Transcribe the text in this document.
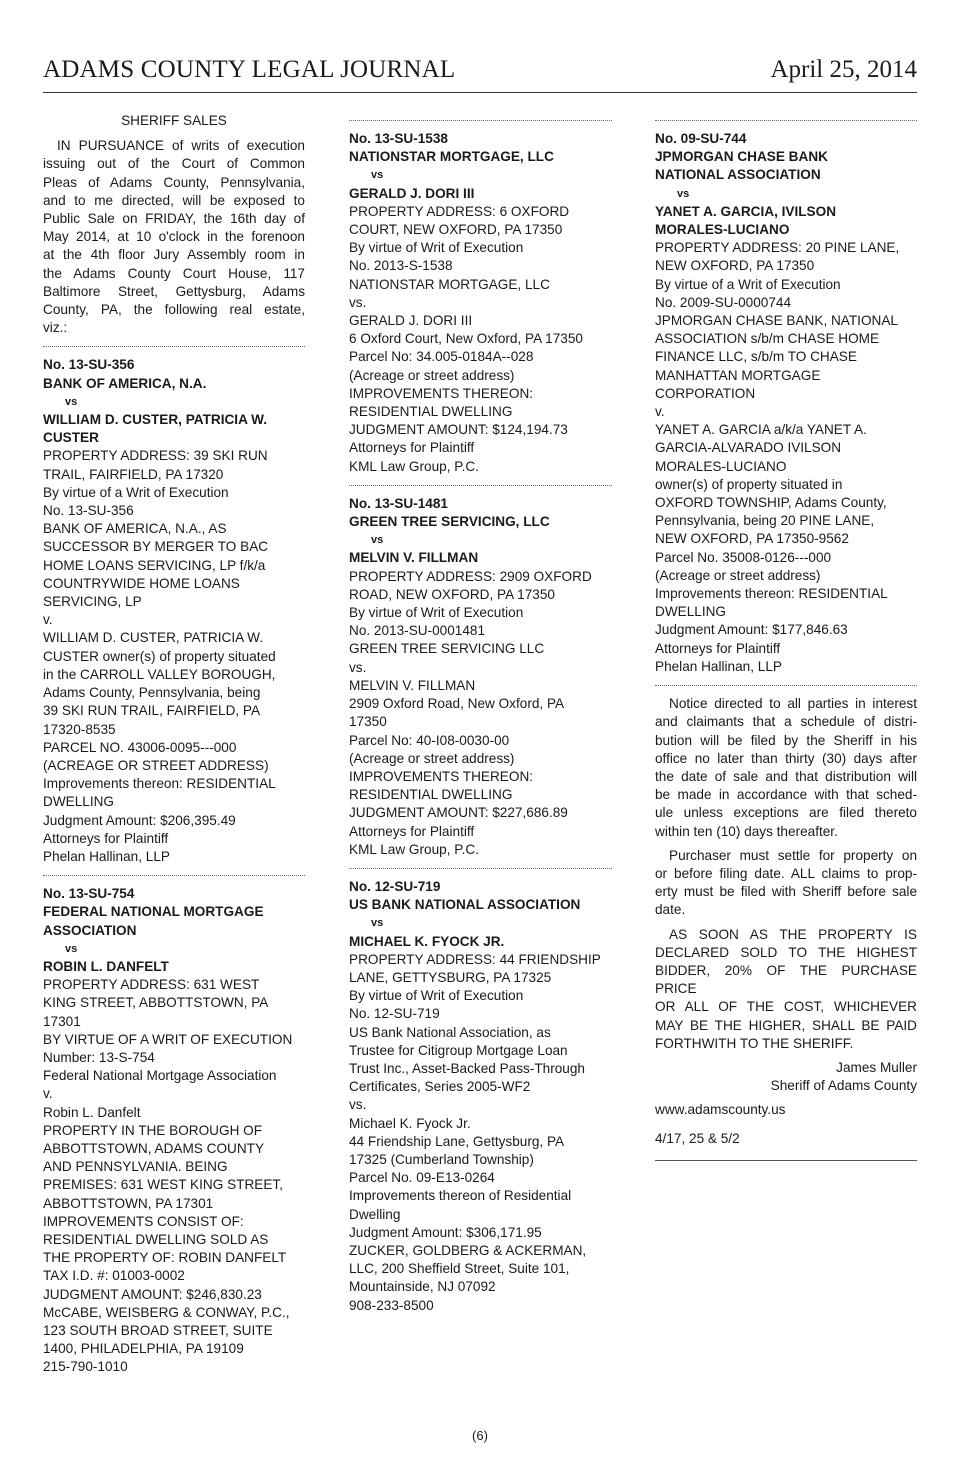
ADAMS COUNTY LEGAL JOURNAL	April 25, 2014
SHERIFF SALES
IN PURSUANCE of writs of execution
issuing out of the Court of Common
Pleas of Adams County, Pennsylvania,
and to me directed, will be exposed to
Public Sale on FRIDAY, the 16th day of
May 2014, at 10 o'clock in the forenoon
at the 4th floor Jury Assembly room in
the Adams County Court House, 117
Baltimore Street, Gettysburg, Adams
County, PA, the following real estate,
viz.:
No. 13-SU-356
BANK OF AMERICA, N.A.
vs
WILLIAM D. CUSTER, PATRICIA W.
CUSTER
PROPERTY ADDRESS: 39 SKI RUN
TRAIL, FAIRFIELD, PA 17320
By virtue of a Writ of Execution
No. 13-SU-356
BANK OF AMERICA, N.A., AS
SUCCESSOR BY MERGER TO BAC
HOME LOANS SERVICING, LP f/k/a
COUNTRYWIDE HOME LOANS
SERVICING, LP
v.
WILLIAM D. CUSTER, PATRICIA W.
CUSTER owner(s) of property situated
in the CARROLL VALLEY BOROUGH,
Adams County, Pennsylvania, being
39 SKI RUN TRAIL, FAIRFIELD, PA
17320-8535
PARCEL NO. 43006-0095---000
(ACREAGE OR STREET ADDRESS)
Improvements thereon: RESIDENTIAL
DWELLING
Judgment Amount: $206,395.49
Attorneys for Plaintiff
Phelan Hallinan, LLP
No. 13-SU-754
FEDERAL NATIONAL MORTGAGE
ASSOCIATION
vs
ROBIN L. DANFELT
PROPERTY ADDRESS: 631 WEST
KING STREET, ABBOTTSTOWN, PA
17301
BY VIRTUE OF A WRIT OF EXECUTION
Number: 13-S-754
Federal National Mortgage Association
v.
Robin L. Danfelt
PROPERTY IN THE BOROUGH OF
ABBOTTSTOWN, ADAMS COUNTY
AND PENNSYLVANIA. BEING
PREMISES: 631 WEST KING STREET,
ABBOTTSTOWN, PA 17301
IMPROVEMENTS CONSIST OF:
RESIDENTIAL DWELLING SOLD AS
THE PROPERTY OF: ROBIN DANFELT
TAX I.D. #: 01003-0002
JUDGMENT AMOUNT: $246,830.23
McCABE, WEISBERG & CONWAY, P.C.,
123 SOUTH BROAD STREET, SUITE
1400, PHILADELPHIA, PA 19109
215-790-1010
No. 13-SU-1538
NATIONSTAR MORTGAGE, LLC
vs
GERALD J. DORI III
PROPERTY ADDRESS: 6 OXFORD
COURT, NEW OXFORD, PA 17350
By virtue of Writ of Execution
No. 2013-S-1538
NATIONSTAR MORTGAGE, LLC
vs.
GERALD J. DORI III
6 Oxford Court, New Oxford, PA 17350
Parcel No: 34.005-0184A--028
(Acreage or street address)
IMPROVEMENTS THEREON:
RESIDENTIAL DWELLING
JUDGMENT AMOUNT: $124,194.73
Attorneys for Plaintiff
KML Law Group, P.C.
No. 13-SU-1481
GREEN TREE SERVICING, LLC
vs
MELVIN V. FILLMAN
PROPERTY ADDRESS: 2909 OXFORD
ROAD, NEW OXFORD, PA 17350
By virtue of Writ of Execution
No. 2013-SU-0001481
GREEN TREE SERVICING LLC
vs.
MELVIN V. FILLMAN
2909 Oxford Road, New Oxford, PA
17350
Parcel No: 40-I08-0030-00
(Acreage or street address)
IMPROVEMENTS THEREON:
RESIDENTIAL DWELLING
JUDGMENT AMOUNT: $227,686.89
Attorneys for Plaintiff
KML Law Group, P.C.
No. 12-SU-719
US BANK NATIONAL ASSOCIATION
vs
MICHAEL K. FYOCK JR.
PROPERTY ADDRESS: 44 FRIENDSHIP
LANE, GETTYSBURG, PA 17325
By virtue of Writ of Execution
No. 12-SU-719
US Bank National Association, as
Trustee for Citigroup Mortgage Loan
Trust Inc., Asset-Backed Pass-Through
Certificates, Series 2005-WF2
vs.
Michael K. Fyock Jr.
44 Friendship Lane, Gettysburg, PA
17325 (Cumberland Township)
Parcel No. 09-E13-0264
Improvements thereon of Residential
Dwelling
Judgment Amount: $306,171.95
ZUCKER, GOLDBERG & ACKERMAN,
LLC, 200 Sheffield Street, Suite 101,
Mountainside, NJ 07092
908-233-8500
No. 09-SU-744
JPMORGAN CHASE BANK
NATIONAL ASSOCIATION
vs
YANET A. GARCIA, IVILSON
MORALES-LUCIANO
PROPERTY ADDRESS: 20 PINE LANE,
NEW OXFORD, PA 17350
By virtue of a Writ of Execution
No. 2009-SU-0000744
JPMORGAN CHASE BANK, NATIONAL
ASSOCIATION s/b/m CHASE HOME
FINANCE LLC, s/b/m TO CHASE
MANHATTAN MORTGAGE
CORPORATION
v.
YANET A. GARCIA a/k/a YANET A.
GARCIA-ALVARADO IVILSON
MORALES-LUCIANO
owner(s) of property situated in
OXFORD TOWNSHIP, Adams County,
Pennsylvania, being 20 PINE LANE,
NEW OXFORD, PA 17350-9562
Parcel No. 35008-0126---000
(Acreage or street address)
Improvements thereon: RESIDENTIAL
DWELLING
Judgment Amount: $177,846.63
Attorneys for Plaintiff
Phelan Hallinan, LLP
Notice directed to all parties in interest
and claimants that a schedule of distri-
bution will be filed by the Sheriff in his
office no later than thirty (30) days after
the date of sale and that distribution will
be made in accordance with that sched-
ule unless exceptions are filed thereto
within ten (10) days thereafter.
Purchaser must settle for property on
or before filing date. ALL claims to prop-
erty must be filed with Sheriff before sale
date.
AS SOON AS THE PROPERTY IS
DECLARED SOLD TO THE HIGHEST
BIDDER, 20% OF THE PURCHASE PRICE
OR ALL OF THE COST, WHICHEVER
MAY BE THE HIGHER, SHALL BE PAID
FORTHWITH TO THE SHERIFF.
James Muller
Sheriff of Adams County
www.adamscounty.us
4/17, 25 & 5/2
(6)
